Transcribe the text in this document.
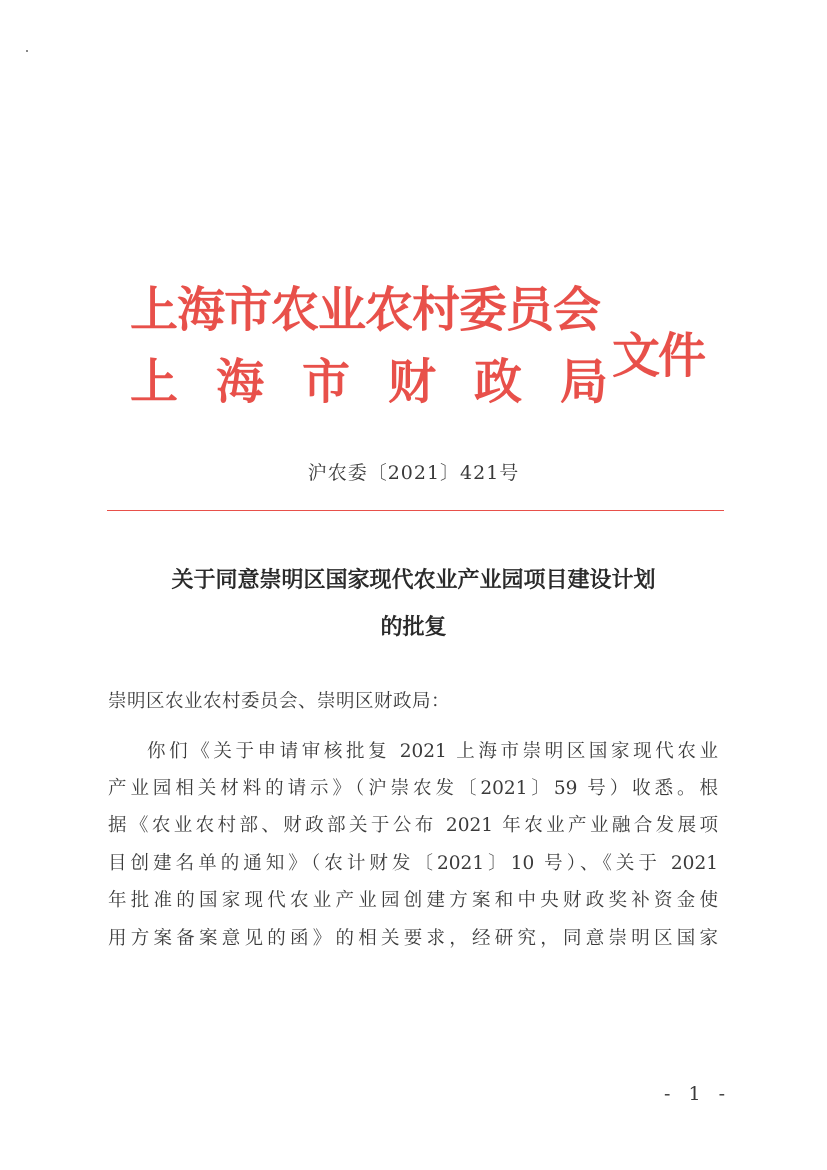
上海市农业农村委员会
上 海 市 财 政 局 文件
沪农委〔2021〕421号
关于同意崇明区国家现代农业产业园项目建设计划
的批复
崇明区农业农村委员会、崇明区财政局：
你们《关于申请审核批复 2021 上海市崇明区国家现代农业
产业园相关材料的请示》（沪崇农发〔2021〕59 号）收悉。根
据《农业农村部、财政部关于公布 2021 年农业产业融合发展项
目创建名单的通知》（农计财发〔2021〕10 号）、《关于 2021
年批准的国家现代农业产业园创建方案和中央财政奖补资金使
用方案备案意见的函》的相关要求，经研究，同意崇明区国家
- 1 -
